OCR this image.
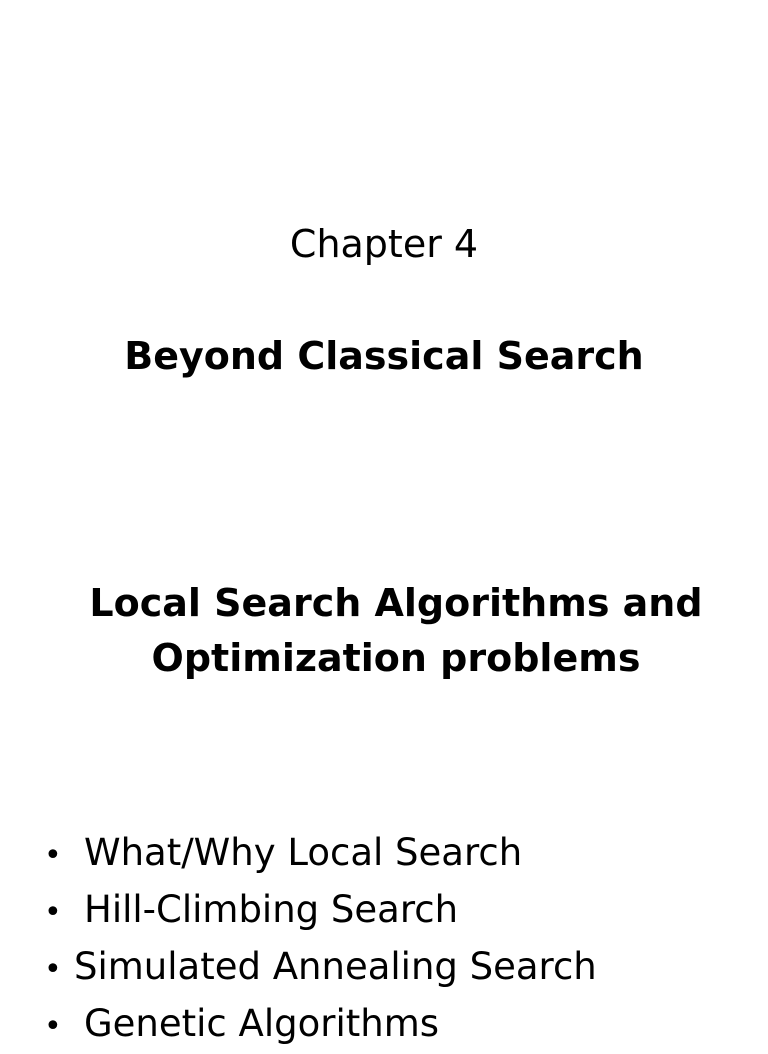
Chapter 4
Beyond Classical Search
Local Search Algorithms and
Optimization problems
• What/Why Local Search
• Hill-Climbing Search
• Simulated Annealing Search
• Genetic Algorithms
